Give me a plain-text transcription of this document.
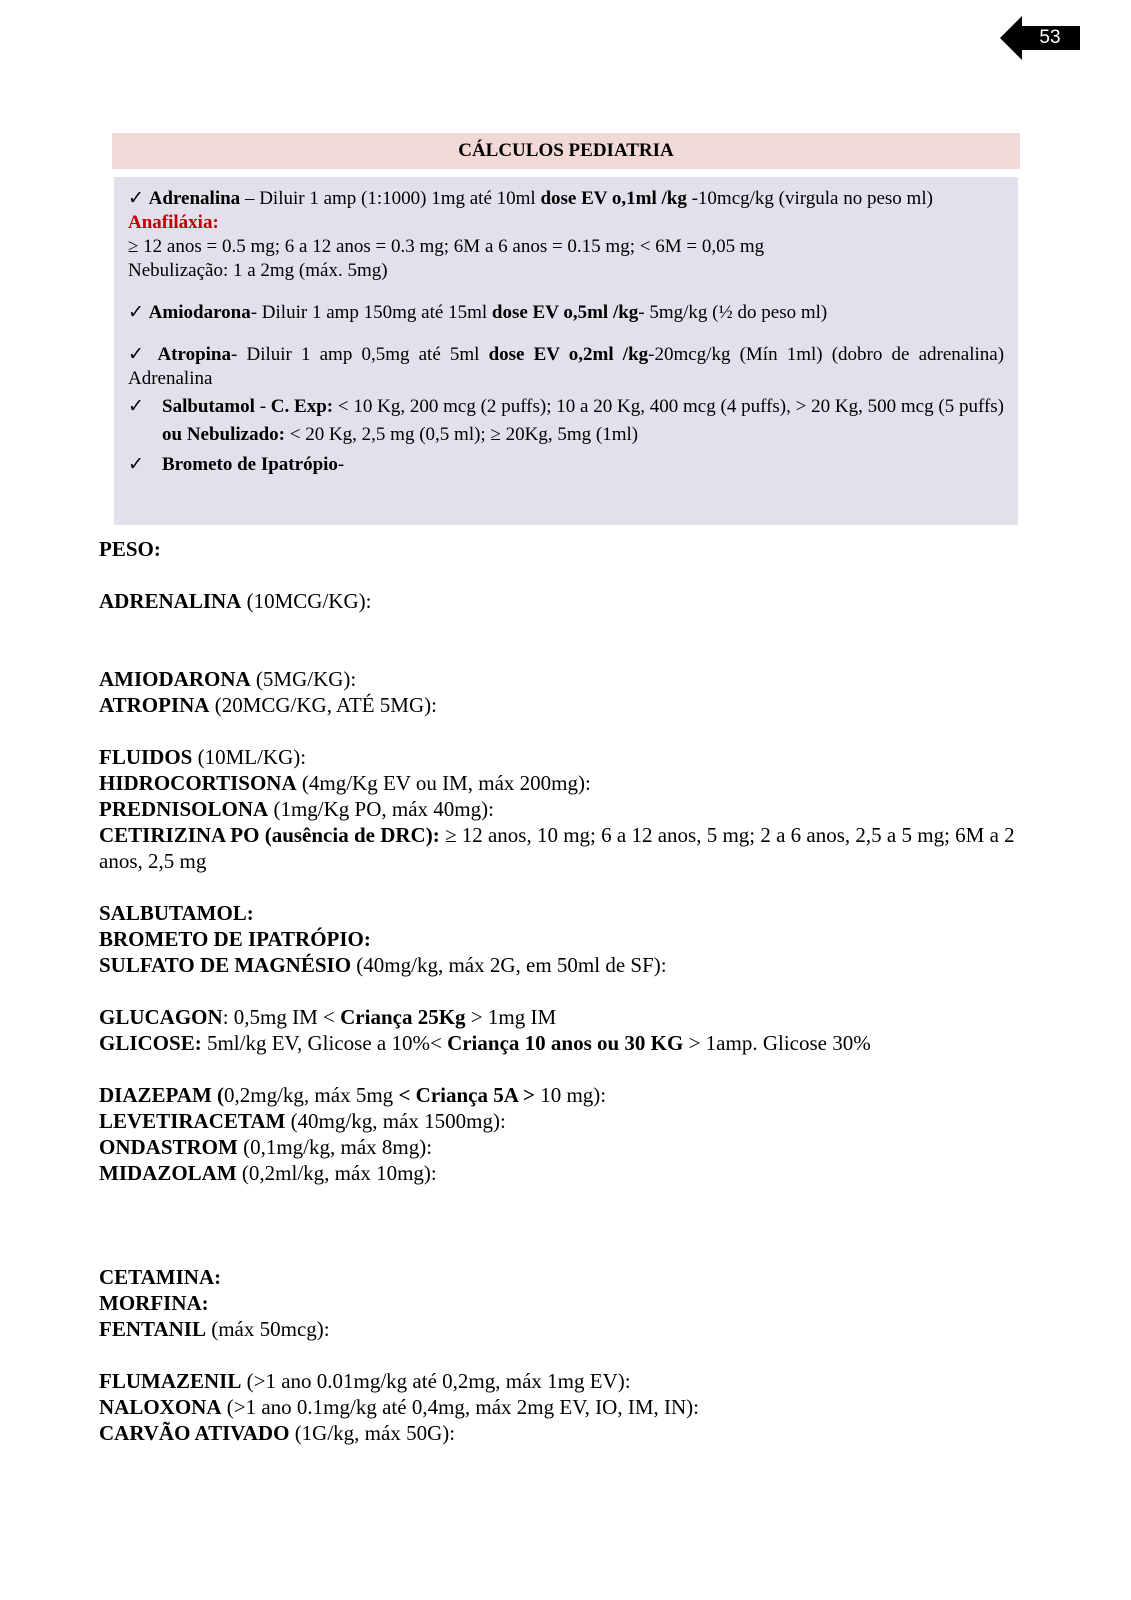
53
CÁLCULOS PEDIATRIA

✓ Adrenalina – Diluir 1 amp (1:1000) 1mg até 10ml dose EV o,1ml /kg -10mcg/kg (virgula no peso ml)

Anafiláxia:

≥ 12 anos = 0.5 mg; 6 a 12 anos = 0.3 mg; 6M a 6 anos = 0.15 mg; < 6M = 0,05 mg

Nebulização: 1 a 2mg (máx. 5mg)

✓ Amiodarona- Diluir 1 amp 150mg até 15ml dose EV o,5ml /kg- 5mg/kg (½ do peso ml)

✓ Atropina- Diluir 1 amp 0,5mg até 5ml dose EV o,2ml /kg-20mcg/kg (Mín 1ml) (dobro de adrenalina) Adrenalina

✓ Salbutamol - C. Exp: < 10 Kg, 200 mcg (2 puffs); 10 a 20 Kg, 400 mcg (4 puffs), > 20 Kg, 500 mcg (5 puffs) ou Nebulizado: < 20 Kg, 2,5 mg (0,5 ml); ≥ 20Kg, 5mg (1ml)
✓ Brometo de Ipatrópio-

PESO:

ADRENALINA (10MCG/KG):

AMIODARONA (5MG/KG):

ATROPINA (20MCG/KG, ATÉ 5MG):

FLUIDOS (10ML/KG):

HIDROCORTISONA (4mg/Kg EV ou IM, máx 200mg):

PREDNISOLONA (1mg/Kg PO, máx 40mg):

CETIRIZINA PO (ausência de DRC): ≥ 12 anos, 10 mg; 6 a 12 anos, 5 mg; 2 a 6 anos, 2,5 a 5 mg; 6M a 2 anos, 2,5 mg

SALBUTAMOL:

BROMETO DE IPATRÓPIO:

SULFATO DE MAGNÉSIO (40mg/kg, máx 2G, em 50ml de SF):

GLUCAGON: 0,5mg IM < Criança 25Kg > 1mg IM

GLICOSE: 5ml/kg EV, Glicose a 10%< Criança 10 anos ou 30 KG > 1amp. Glicose 30%

DIAZEPAM (0,2mg/kg, máx 5mg < Criança 5A > 10 mg):

LEVETIRACETAM (40mg/kg, máx 1500mg):

ONDASTROM (0,1mg/kg, máx 8mg):

MIDAZOLAM (0,2ml/kg, máx 10mg):

CETAMINA:

MORFINA:

FENTANIL (máx 50mcg):

FLUMAZENIL (>1 ano 0.01mg/kg até 0,2mg, máx 1mg EV):

NALOXONA (>1 ano 0.1mg/kg até 0,4mg, máx 2mg EV, IO, IM, IN):

CARVÃO ATIVADO (1G/kg, máx 50G):
